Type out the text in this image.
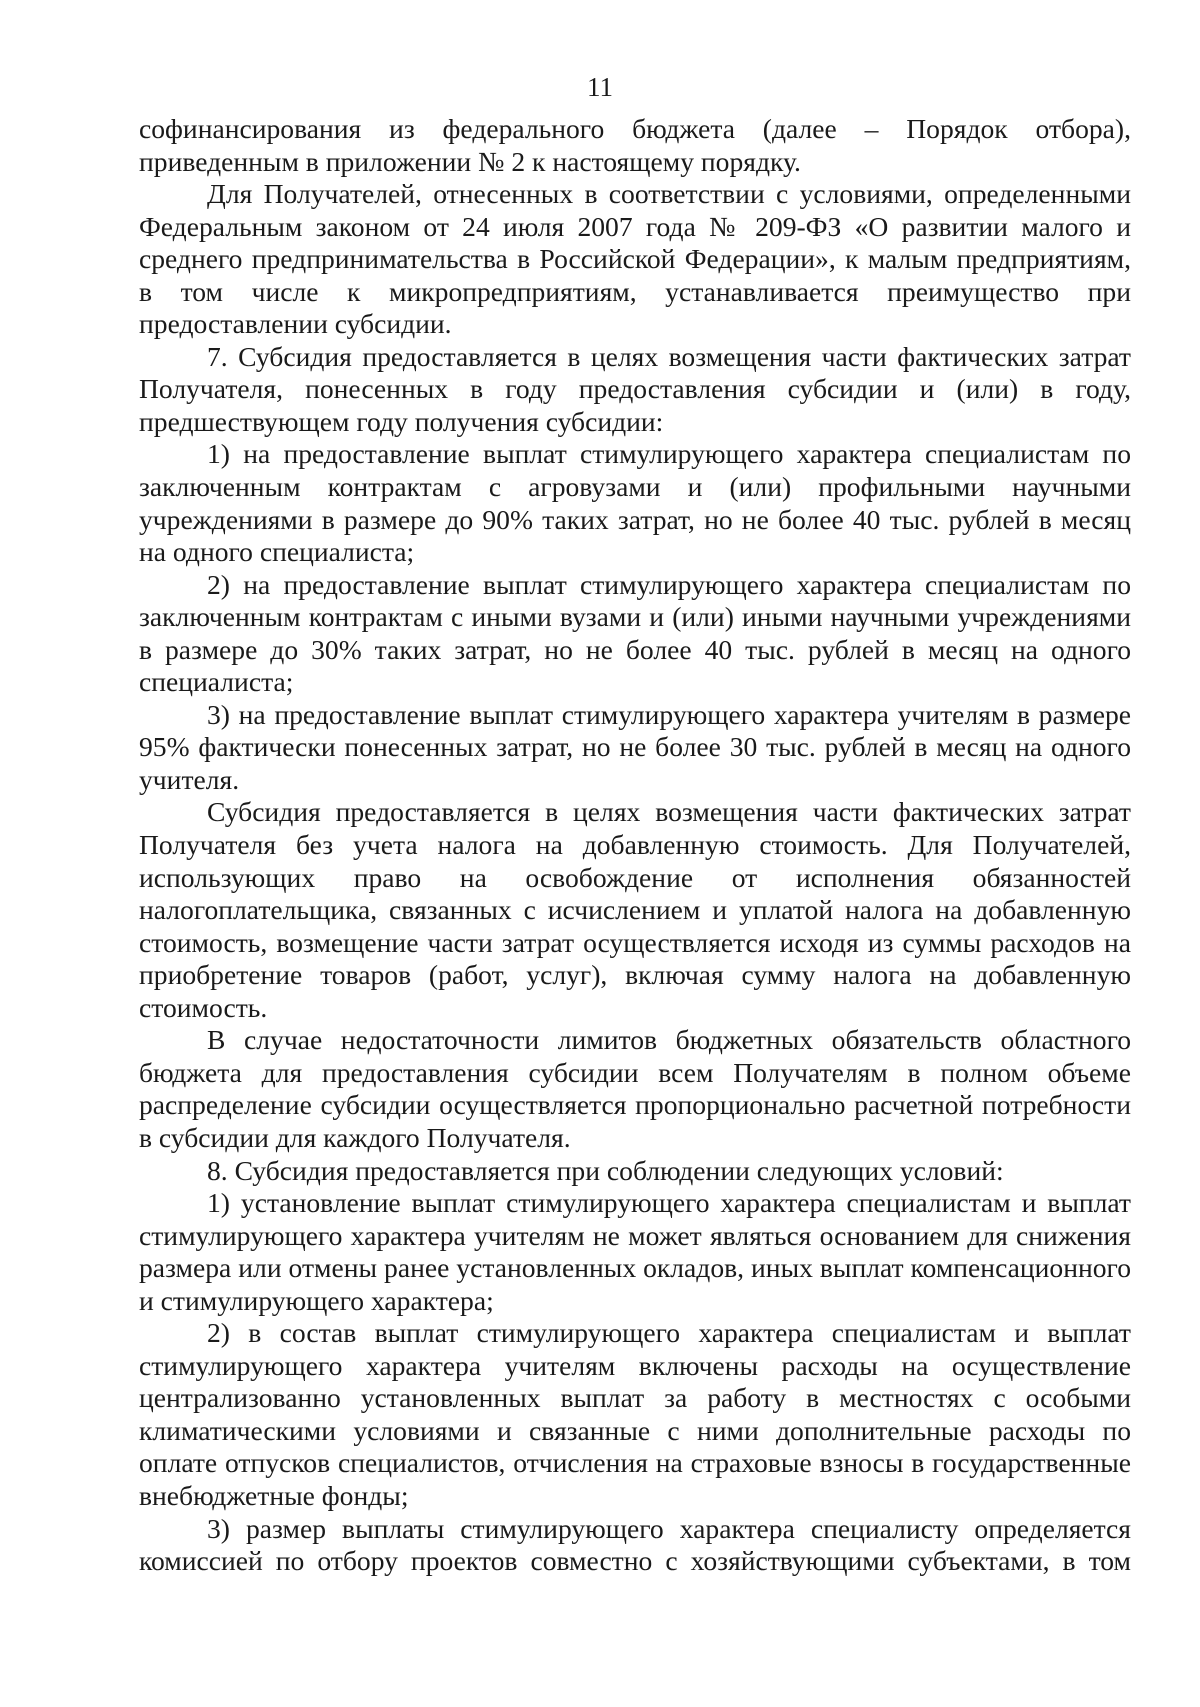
11

софинансирования из федерального бюджета (далее – Порядок отбора), приведенным в приложении № 2 к настоящему порядку.

Для Получателей, отнесенных в соответствии с условиями, определенными Федеральным законом от 24 июля 2007 года № 209-ФЗ «О развитии малого и среднего предпринимательства в Российской Федерации», к малым предприятиям, в том числе к микропредприятиям, устанавливается преимущество при предоставлении субсидии.

7. Субсидия предоставляется в целях возмещения части фактических затрат Получателя, понесенных в году предоставления субсидии и (или) в году, предшествующем году получения субсидии:

1) на предоставление выплат стимулирующего характера специалистам по заключенным контрактам с агровузами и (или) профильными научными учреждениями в размере до 90% таких затрат, но не более 40 тыс. рублей в месяц на одного специалиста;

2) на предоставление выплат стимулирующего характера специалистам по заключенным контрактам с иными вузами и (или) иными научными учреждениями в размере до 30% таких затрат, но не более 40 тыс. рублей в месяц на одного специалиста;

3) на предоставление выплат стимулирующего характера учителям в размере 95% фактически понесенных затрат, но не более 30 тыс. рублей в месяц на одного учителя.

Субсидия предоставляется в целях возмещения части фактических затрат Получателя без учета налога на добавленную стоимость. Для Получателей, использующих право на освобождение от исполнения обязанностей налогоплательщика, связанных с исчислением и уплатой налога на добавленную стоимость, возмещение части затрат осуществляется исходя из суммы расходов на приобретение товаров (работ, услуг), включая сумму налога на добавленную стоимость.

В случае недостаточности лимитов бюджетных обязательств областного бюджета для предоставления субсидии всем Получателям в полном объеме распределение субсидии осуществляется пропорционально расчетной потребности в субсидии для каждого Получателя.

8. Субсидия предоставляется при соблюдении следующих условий:

1) установление выплат стимулирующего характера специалистам и выплат стимулирующего характера учителям не может являться основанием для снижения размера или отмены ранее установленных окладов, иных выплат компенсационного и стимулирующего характера;

2) в состав выплат стимулирующего характера специалистам и выплат стимулирующего характера учителям включены расходы на осуществление централизованно установленных выплат за работу в местностях с особыми климатическими условиями и связанные с ними дополнительные расходы по оплате отпусков специалистов, отчисления на страховые взносы в государственные внебюджетные фонды;

3) размер выплаты стимулирующего характера специалисту определяется комиссией по отбору проектов совместно с хозяйствующими субъектами, в том
